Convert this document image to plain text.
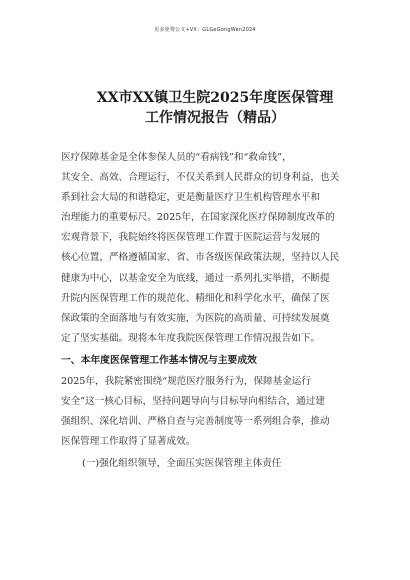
更多免费公文+VX：GLGeGongWen2024
XX市XX镇卫生院2025年度医保管理
工作情况报告（精品）

医疗保障基金是全体参保人员的“看病钱”和“救命钱”，

其安全、高效、合理运行，不仅关系到人民群众的切身利益，也关

系到社会大局的和谐稳定，更是衡量医疗卫生机构管理水平和

治理能力的重要标尺。2025年，在国家深化医疗保障制度改革的

宏观背景下，我院始终将医保管理工作置于医院运营与发展的

核心位置，严格遵循国家、省、市各级医保政策法规，坚持以人民

健康为中心，以基金安全为底线，通过一系列扎实举措，不断提

升院内医保管理工作的规范化、精细化和科学化水平，确保了医

保政策的全面落地与有效实施，为医院的高质量、可持续发展奠

定了坚实基础。现将本年度我院医保管理工作情况报告如下。

一、本年度医保管理工作基本情况与主要成效

2025年，我院紧密围绕“规范医疗服务行为，保障基金运行

安全”这一核心目标，坚持问题导向与目标导向相结合，通过建

强组织、深化培训、严格自查与完善制度等一系列组合拳，推动

医保管理工作取得了显著成效。

(一)强化组织领导，全面压实医保管理主体责任
